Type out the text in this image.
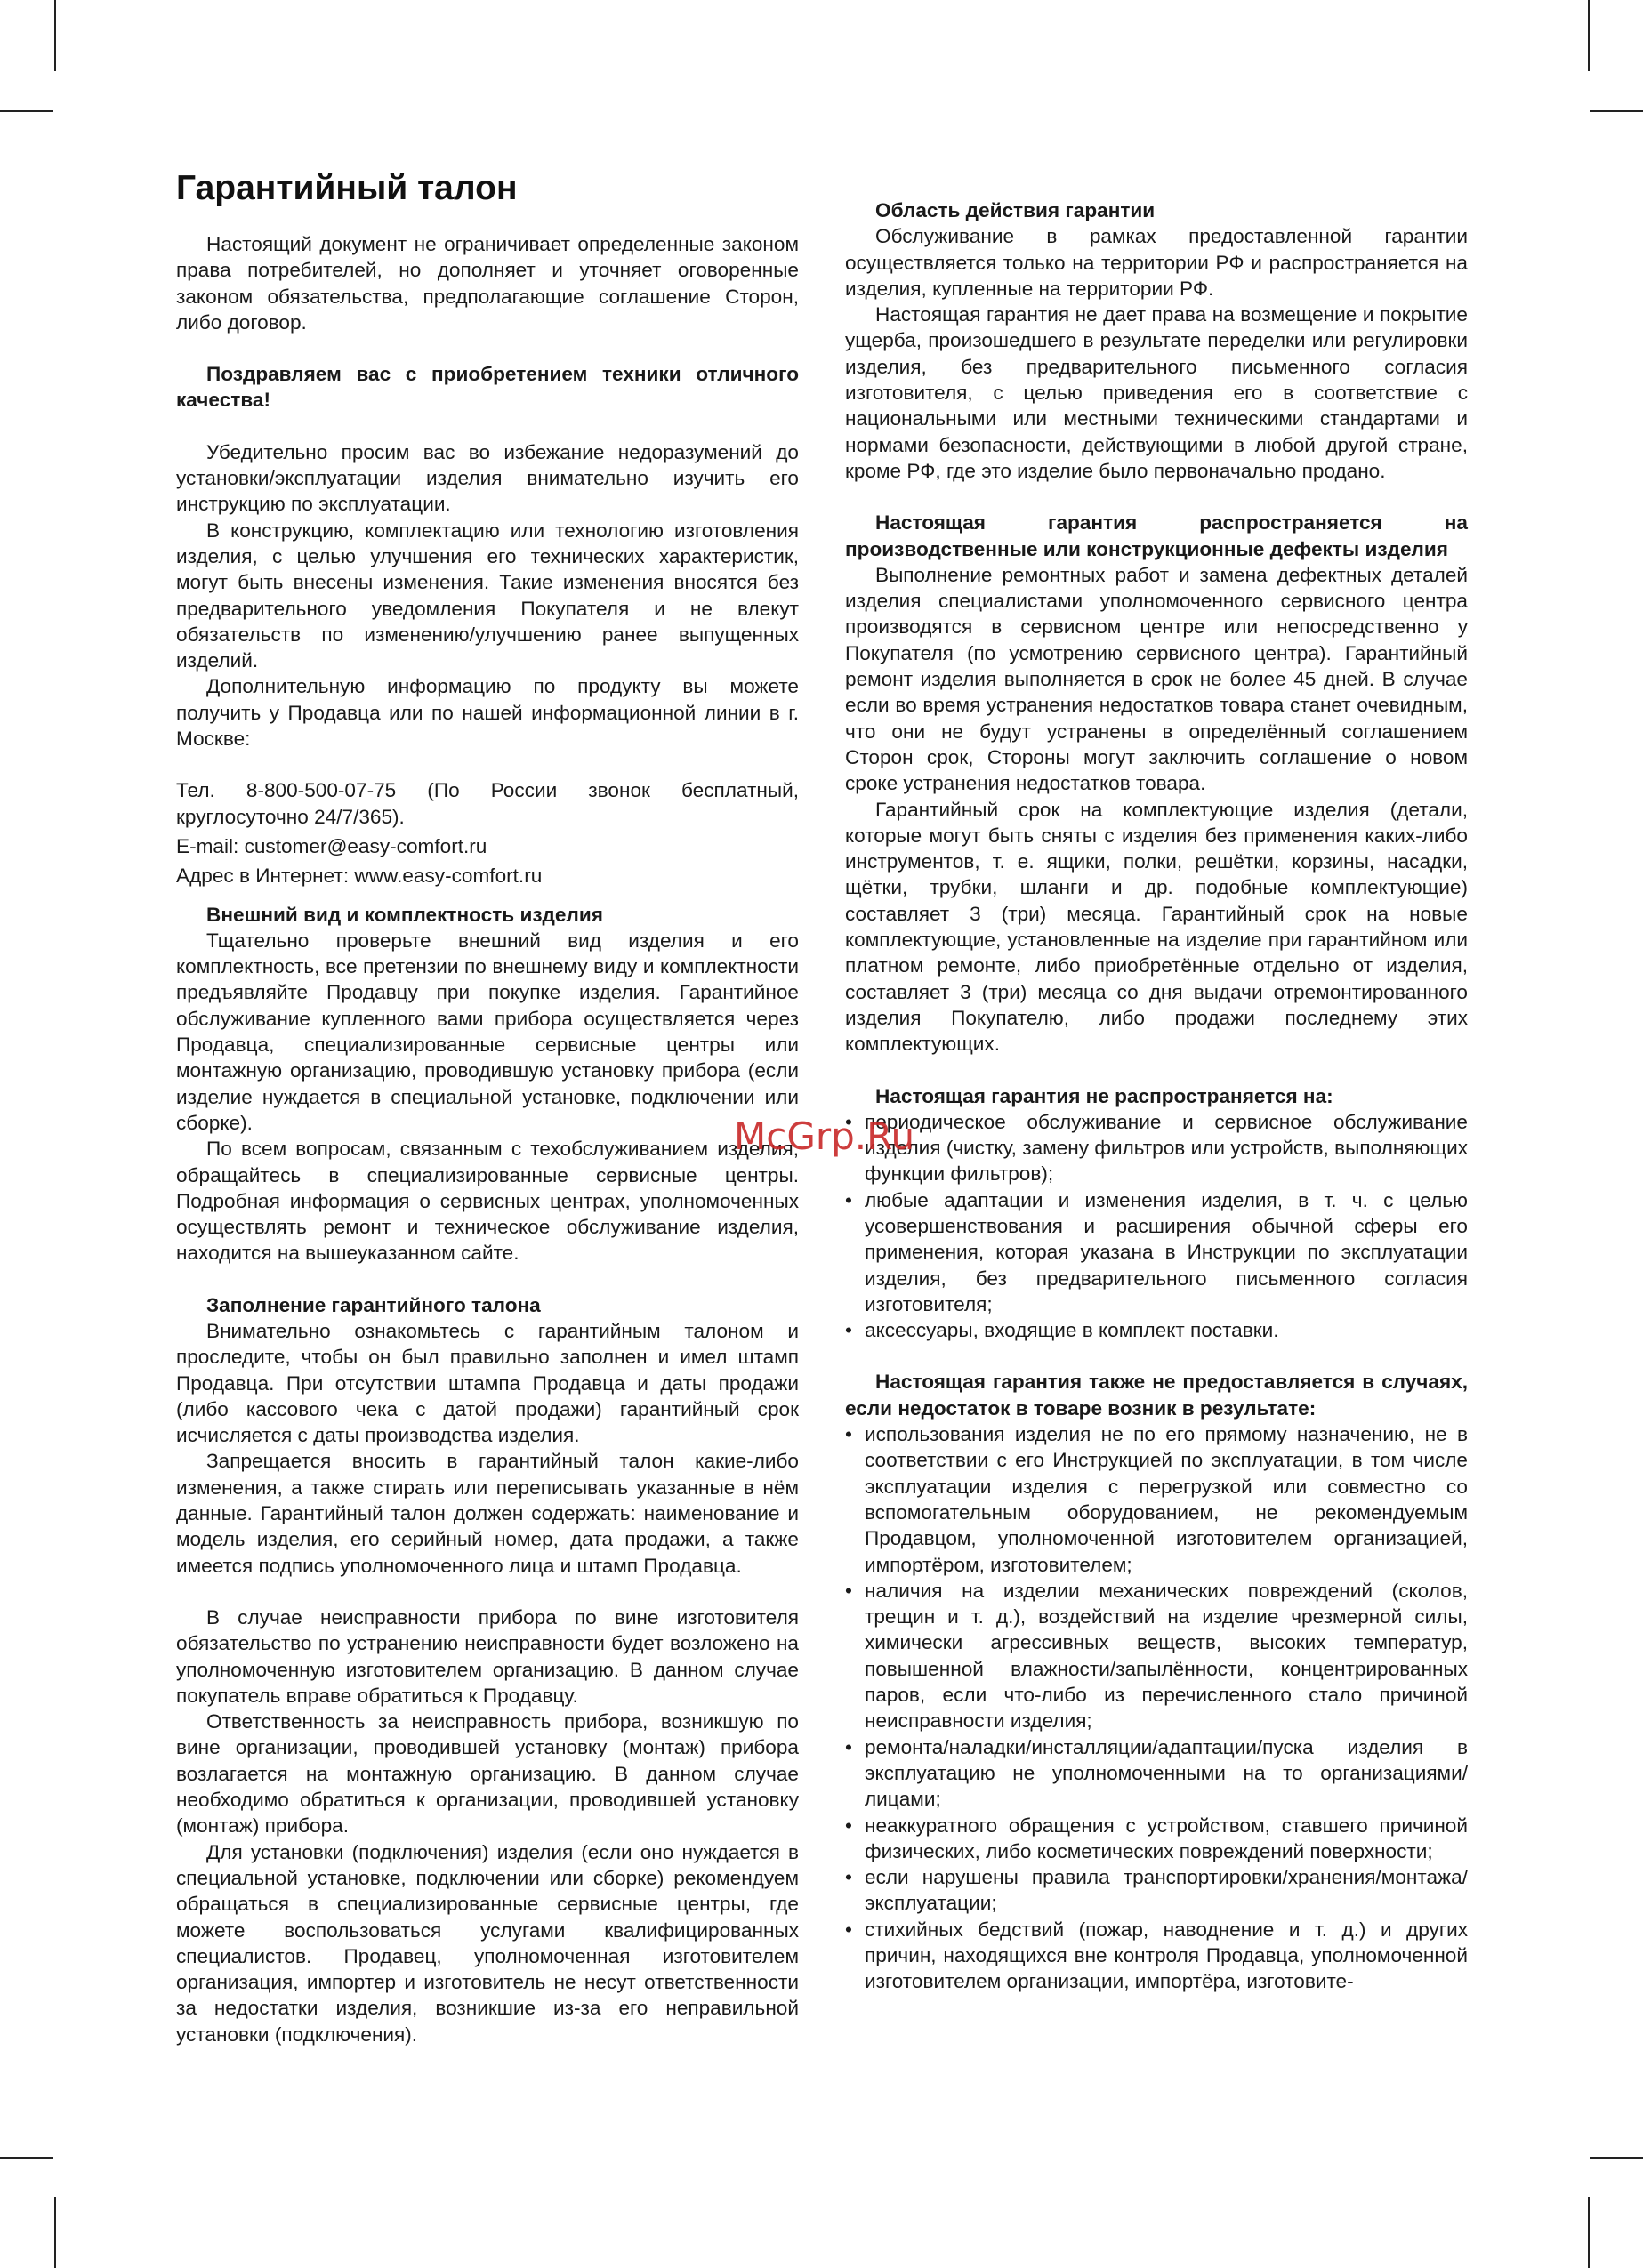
Гарантийный талон

Настоящий документ не ограничивает определенные законом права потребителей, но дополняет и уточняет оговоренные законом обязательства, предполагающие соглашение Сторон, либо договор.

Поздравляем вас с приобретением техники отличного качества!

Убедительно просим вас во избежание недоразумений до установки/эксплуатации изделия внимательно изучить его инструкцию по эксплуатации.

В конструкцию, комплектацию или технологию изготовления изделия, с целью улучшения его технических характеристик, могут быть внесены изменения. Такие изменения вносятся без предварительного уведомления Покупателя и не влекут обязательств по изменению/улучшению ранее выпущенных изделий.

Дополнительную информацию по продукту вы можете получить у Продавца или по нашей информационной линии в г. Москве:

Тел. 8-800-500-07-75 (По России звонок бесплатный, круглосуточно 24/7/365).

E-mail: customer@easy-comfort.ru

Адрес в Интернет: www.easy-comfort.ru

Внешний вид и комплектность изделия

Тщательно проверьте внешний вид изделия и его комплектность, все претензии по внешнему виду и комплектности предъявляйте Продавцу при покупке изделия. Гарантийное обслуживание купленного вами прибора осуществляется через Продавца, специализированные сервисные центры или монтажную организацию, проводившую установку прибора (если изделие нуждается в специальной установке, подключении или сборке).

По всем вопросам, связанным с техобслуживанием изделия, обращайтесь в специализированные сервисные центры. Подробная информация о сервисных центрах, уполномоченных осуществлять ремонт и техническое обслуживание изделия, находится на вышеуказанном сайте.

Заполнение гарантийного талона

Внимательно ознакомьтесь с гарантийным талоном и проследите, чтобы он был правильно заполнен и имел штамп Продавца. При отсутствии штампа Продавца и даты продажи (либо кассового чека с датой продажи) гарантийный срок исчисляется с даты производства изделия.

Запрещается вносить в гарантийный талон какие-либо изменения, а также стирать или переписывать указанные в нём данные. Гарантийный талон должен содержать: наименование и модель изделия, его серийный номер, дата продажи, а также имеется подпись уполномоченного лица и штамп Продавца.

В случае неисправности прибора по вине изготовителя обязательство по устранению неисправности будет возложено на уполномоченную изготовителем организацию. В данном случае покупатель вправе обратиться к Продавцу.

Ответственность за неисправность прибора, возникшую по вине организации, проводившей установку (монтаж) прибора возлагается на монтажную организацию. В данном случае необходимо обратиться к организации, проводившей установку (монтаж) прибора.

Для установки (подключения) изделия (если оно нуждается в специальной установке, подключении или сборке) рекомендуем обращаться в специализированные сервисные центры, где можете воспользоваться услугами квалифицированных специалистов. Продавец, уполномоченная изготовителем организация, импортер и изготовитель не несут ответственности за недостатки изделия, возникшие из-за его неправильной установки (подключения).

Область действия гарантии

Обслуживание в рамках предоставленной гарантии осуществляется только на территории РФ и распространяется на изделия, купленные на территории РФ.

Настоящая гарантия не дает права на возмещение и покрытие ущерба, произошедшего в результате переделки или регулировки изделия, без предварительного письменного согласия изготовителя, с целью приведения его в соответствие с национальными или местными техническими стандартами и нормами безопасности, действующими в любой другой стране, кроме РФ, где это изделие было первоначально продано.

Настоящая гарантия распространяется на производственные или конструкционные дефекты изделия

Выполнение ремонтных работ и замена дефектных деталей изделия специалистами уполномоченного сервисного центра производятся в сервисном центре или непосредственно у Покупателя (по усмотрению сервисного центра). Гарантийный ремонт изделия выполняется в срок не более 45 дней. В случае если во время устранения недостатков товара станет очевидным, что они не будут устранены в определённый соглашением Сторон срок, Стороны могут заключить соглашение о новом сроке устранения недостатков товара.

Гарантийный срок на комплектующие изделия (детали, которые могут быть сняты с изделия без применения каких-либо инструментов, т. е. ящики, полки, решётки, корзины, насадки, щётки, трубки, шланги и др. подобные комплектующие) составляет 3 (три) месяца. Гарантийный срок на новые комплектующие, установленные на изделие при гарантийном или платном ремонте, либо приобретённые отдельно от изделия, составляет 3 (три) месяца со дня выдачи отремонтированного изделия Покупателю, либо продажи последнему этих комплектующих.

Настоящая гарантия не распространяется на:

• периодическое обслуживание и сервисное обслуживание изделия (чистку, замену фильтров или устройств, выполняющих функции фильтров);

• любые адаптации и изменения изделия, в т. ч. с целью усовершенствования и расширения обычной сферы его применения, которая указана в Инструкции по эксплуатации изделия, без предварительного письменного согласия изготовителя;

• аксессуары, входящие в комплект поставки.

Настоящая гарантия также не предоставляется в случаях, если недостаток в товаре возник в результате:

• использования изделия не по его прямому назначению, не в соответствии с его Инструкцией по эксплуатации, в том числе эксплуатации изделия с перегрузкой или совместно со вспомогательным оборудованием, не рекомендуемым Продавцом, уполномоченной изготовителем организацией, импортёром, изготовителем;

• наличия на изделии механических повреждений (сколов, трещин и т. д.), воздействий на изделие чрезмерной силы, химически агрессивных веществ, высоких температур, повышенной влажности/запылённости, концентрированных паров, если что-либо из перечисленного стало причиной неисправности изделия;

• ремонта/наладки/инсталляции/адаптации/пуска изделия в эксплуатацию не уполномоченными на то организациями/ лицами;

• неаккуратного обращения с устройством, ставшего причиной физических, либо косметических повреждений поверхности;

• если нарушены правила транспортировки/хранения/монтажа/эксплуатации;

• стихийных бедствий (пожар, наводнение и т. д.) и других причин, находящихся вне контроля Продавца, уполномоченной изготовителем организации, импортёра, изготовите-

McGrp.Ru
